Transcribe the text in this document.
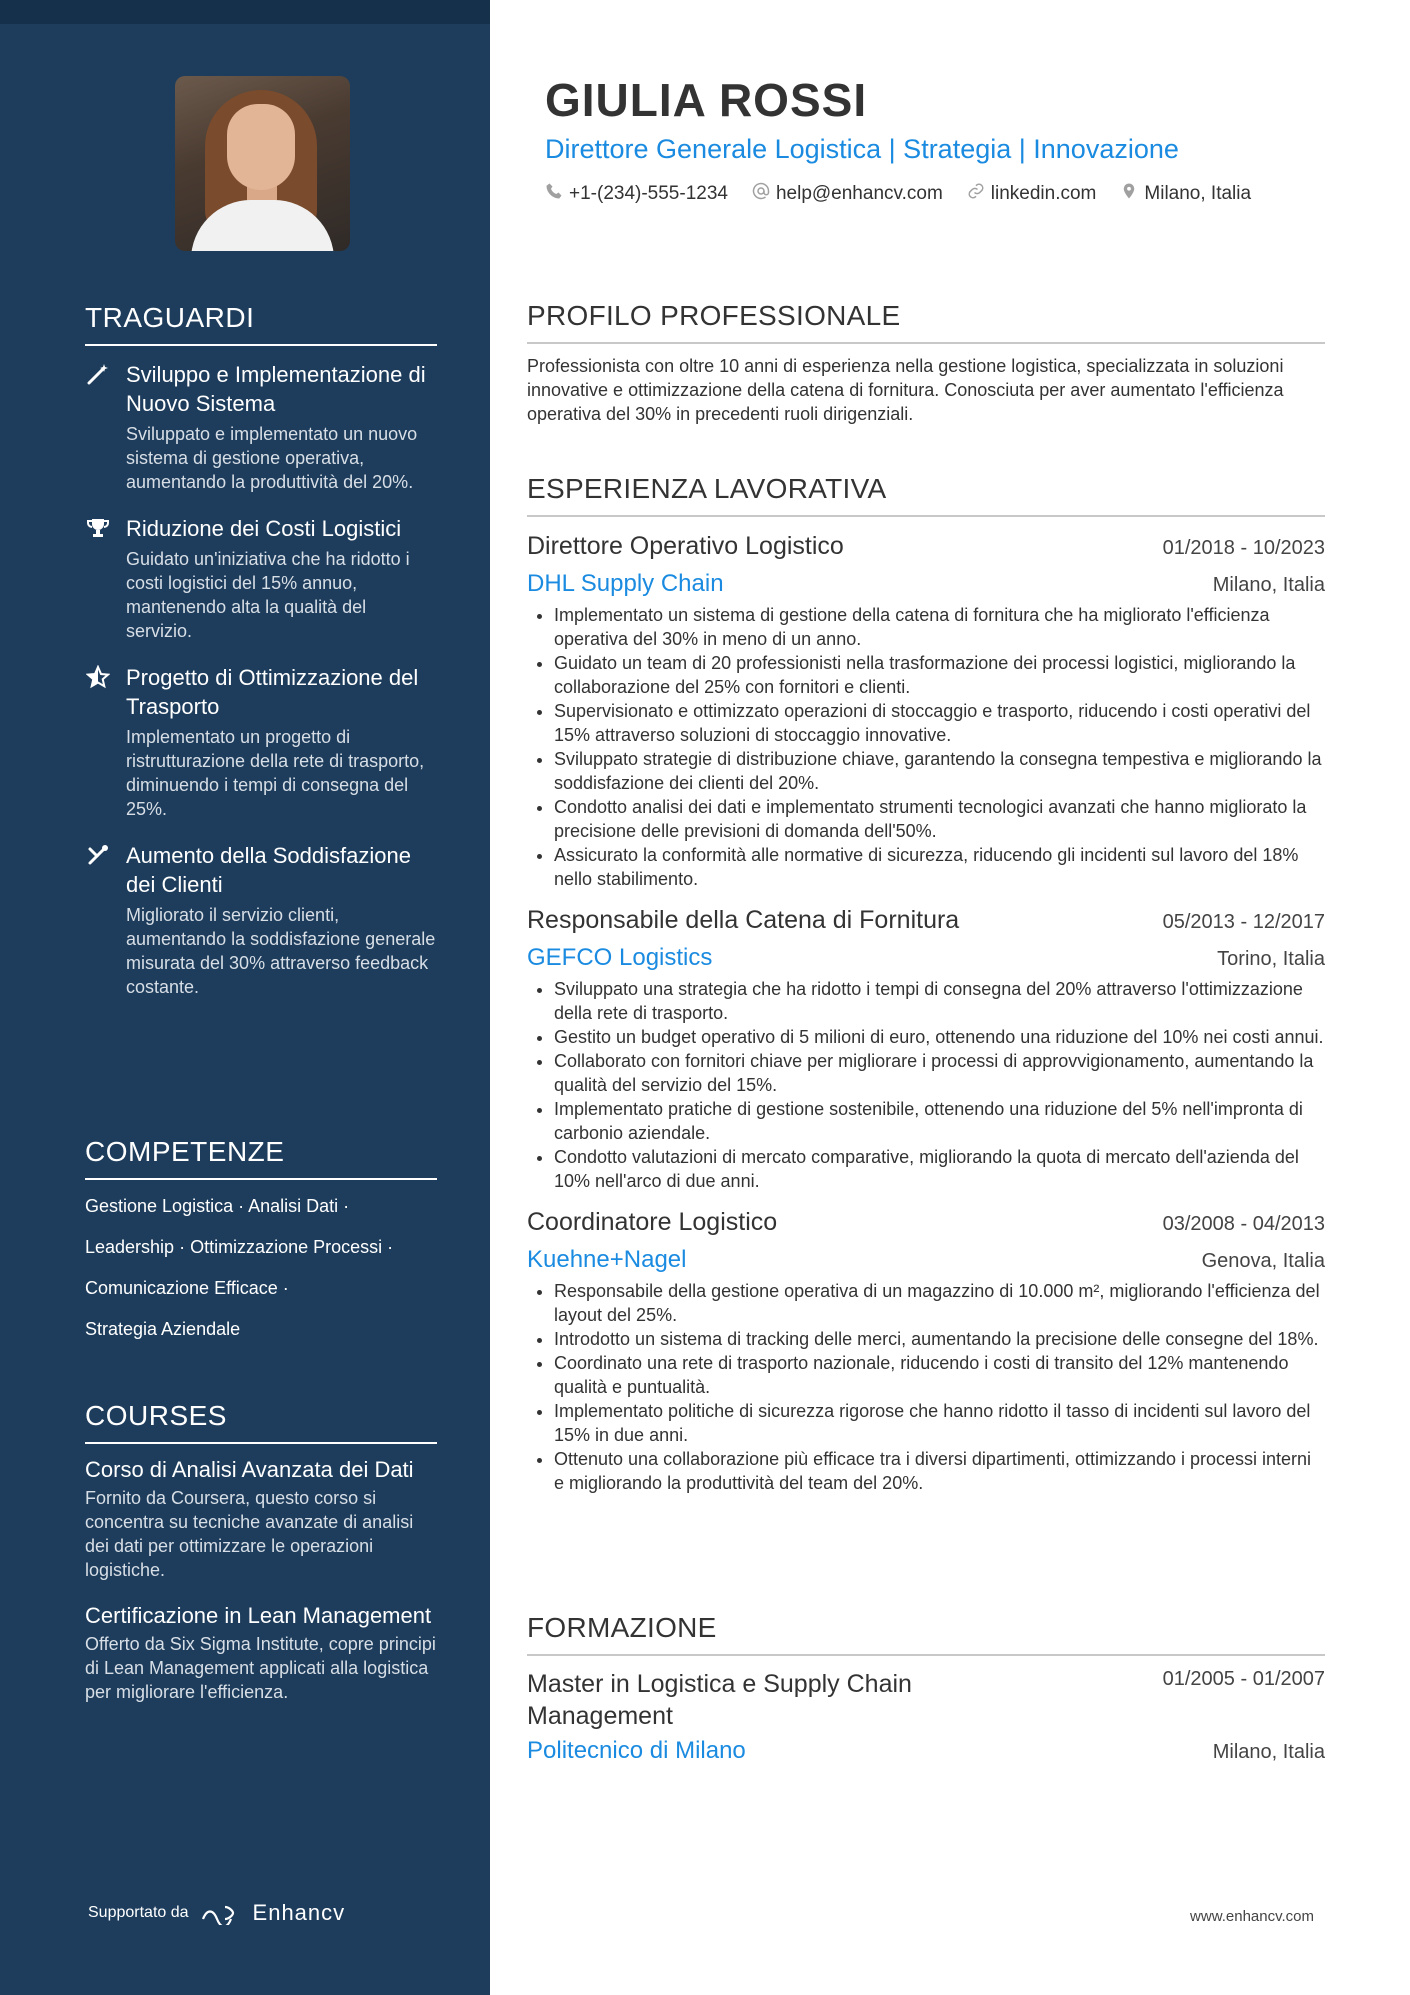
TRAGUARDI
Sviluppo e Implementazione di Nuovo Sistema
Sviluppato e implementato un nuovo sistema di gestione operativa, aumentando la produttività del 20%.
Riduzione dei Costi Logistici
Guidato un'iniziativa che ha ridotto i costi logistici del 15% annuo, mantenendo alta la qualità del servizio.
Progetto di Ottimizzazione del Trasporto
Implementato un progetto di ristrutturazione della rete di trasporto, diminuendo i tempi di consegna del 25%.
Aumento della Soddisfazione dei Clienti
Migliorato il servizio clienti, aumentando la soddisfazione generale misurata del 30% attraverso feedback costante.
COMPETENZE
Gestione Logistica · Analisi Dati ·
Leadership · Ottimizzazione Processi ·
Comunicazione Efficace ·
Strategia Aziendale
COURSES
Corso di Analisi Avanzata dei Dati
Fornito da Coursera, questo corso si concentra su tecniche avanzate di analisi dei dati per ottimizzare le operazioni logistiche.
Certificazione in Lean Management
Offerto da Six Sigma Institute, copre principi di Lean Management applicati alla logistica per migliorare l'efficienza.
Supportato da	Enhancv
GIULIA ROSSI
Direttore Generale Logistica | Strategia | Innovazione
+1-(234)-555-1234	help@enhancv.com	linkedin.com	Milano, Italia
PROFILO PROFESSIONALE
Professionista con oltre 10 anni di esperienza nella gestione logistica, specializzata in soluzioni innovative e ottimizzazione della catena di fornitura. Conosciuta per aver aumentato l'efficienza operativa del 30% in precedenti ruoli dirigenziali.
ESPERIENZA LAVORATIVA
Direttore Operativo Logistico	01/2018 - 10/2023
DHL Supply Chain	Milano, Italia
• Implementato un sistema di gestione della catena di fornitura che ha migliorato l'efficienza operativa del 30% in meno di un anno.
• Guidato un team di 20 professionisti nella trasformazione dei processi logistici, migliorando la collaborazione del 25% con fornitori e clienti.
• Supervisionato e ottimizzato operazioni di stoccaggio e trasporto, riducendo i costi operativi del 15% attraverso soluzioni di stoccaggio innovative.
• Sviluppato strategie di distribuzione chiave, garantendo la consegna tempestiva e migliorando la soddisfazione dei clienti del 20%.
• Condotto analisi dei dati e implementato strumenti tecnologici avanzati che hanno migliorato la precisione delle previsioni di domanda dell'50%.
• Assicurato la conformità alle normative di sicurezza, riducendo gli incidenti sul lavoro del 18% nello stabilimento.
Responsabile della Catena di Fornitura	05/2013 - 12/2017
GEFCO Logistics	Torino, Italia
• Sviluppato una strategia che ha ridotto i tempi di consegna del 20% attraverso l'ottimizzazione della rete di trasporto.
• Gestito un budget operativo di 5 milioni di euro, ottenendo una riduzione del 10% nei costi annui.
• Collaborato con fornitori chiave per migliorare i processi di approvvigionamento, aumentando la qualità del servizio del 15%.
• Implementato pratiche di gestione sostenibile, ottenendo una riduzione del 5% nell'impronta di carbonio aziendale.
• Condotto valutazioni di mercato comparative, migliorando la quota di mercato dell'azienda del 10% nell'arco di due anni.
Coordinatore Logistico	03/2008 - 04/2013
Kuehne+Nagel	Genova, Italia
• Responsabile della gestione operativa di un magazzino di 10.000 m², migliorando l'efficienza del layout del 25%.
• Introdotto un sistema di tracking delle merci, aumentando la precisione delle consegne del 18%.
• Coordinato una rete di trasporto nazionale, riducendo i costi di transito del 12% mantenendo qualità e puntualità.
• Implementato politiche di sicurezza rigorose che hanno ridotto il tasso di incidenti sul lavoro del 15% in due anni.
• Ottenuto una collaborazione più efficace tra i diversi dipartimenti, ottimizzando i processi interni e migliorando la produttività del team del 20%.
FORMAZIONE
Master in Logistica e Supply Chain Management
01/2005 - 01/2007
Politecnico di Milano	Milano, Italia
www.enhancv.com
